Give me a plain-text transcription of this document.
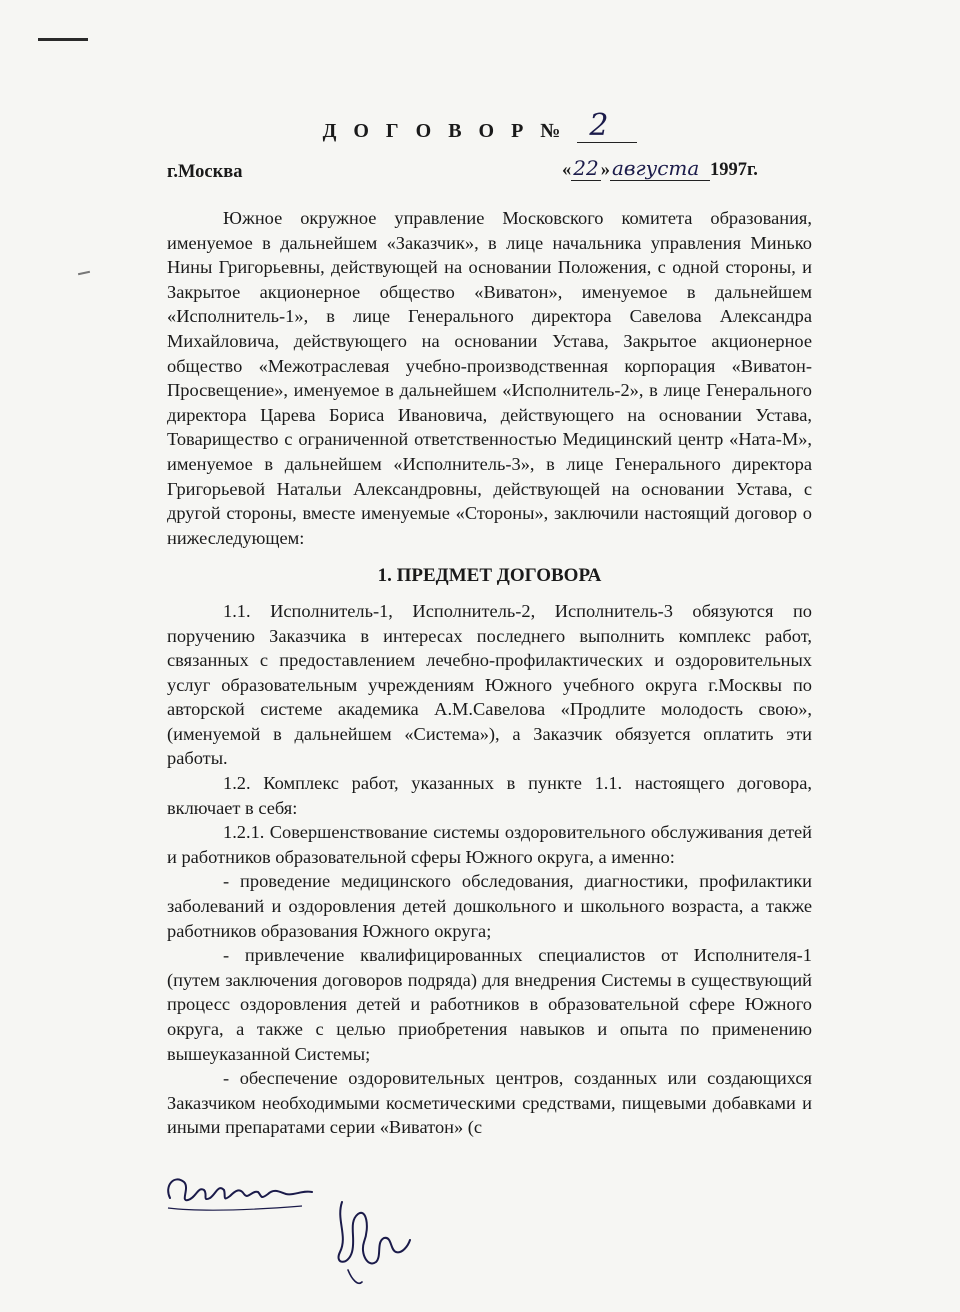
Д О Г О В О Р № 2
г.Москва	« 22 » августа 1997г.

Южное окружное управление Московского комитета образования, именуемое в дальнейшем «Заказчик», в лице начальника управления Минько Нины Григорьевны, действующей на основании Положения, с одной стороны, и Закрытое акционерное общество «Виватон», именуемое в дальнейшем «Исполнитель-1», в лице Генерального директора Савелова Александра Михайловича, действующего на основании Устава, Закрытое акционерное общество «Межотраслевая учебно-производственная корпорация «Виватон-Просвещение», именуемое в дальнейшем «Исполнитель-2», в лице Генерального директора Царева Бориса Ивановича, действующего на основании Устава, Товарищество с ограниченной ответственностью Медицинский центр «Ната-М», именуемое в дальнейшем «Исполнитель-3», в лице Генерального директора Григорьевой Натальи Александровны, действующей на основании Устава, с другой стороны, вместе именуемые «Стороны», заключили настоящий договор о нижеследующем:

1. ПРЕДМЕТ ДОГОВОРА

1.1. Исполнитель-1, Исполнитель-2, Исполнитель-3 обязуются по поручению Заказчика в интересах последнего выполнить комплекс работ, связанных с предоставлением лечебно-профилактических и оздоровительных услуг образовательным учреждениям Южного учебного округа г.Москвы по авторской системе академика А.М.Савелова «Продлите молодость свою», (именуемой в дальнейшем «Система»), а Заказчик обязуется оплатить эти работы.

1.2. Комплекс работ, указанных в пункте 1.1. настоящего договора, включает в себя:

1.2.1. Совершенствование системы оздоровительного обслуживания детей и работников образовательной сферы Южного округа, а именно:

- проведение медицинского обследования, диагностики, профилактики заболеваний и оздоровления детей дошкольного и школьного возраста, а также работников образования Южного округа;

- привлечение квалифицированных специалистов от Исполнителя-1 (путем заключения договоров подряда) для внедрения Системы в существующий процесс оздоровления детей и работников в образовательной сфере Южного округа, а также с целью приобретения навыков и опыта по применению вышеуказанной Системы;

- обеспечение оздоровительных центров, созданных или создающихся Заказчиком необходимыми косметическими средствами, пищевыми добавками и иными препаратами серии «Виватон» (с
